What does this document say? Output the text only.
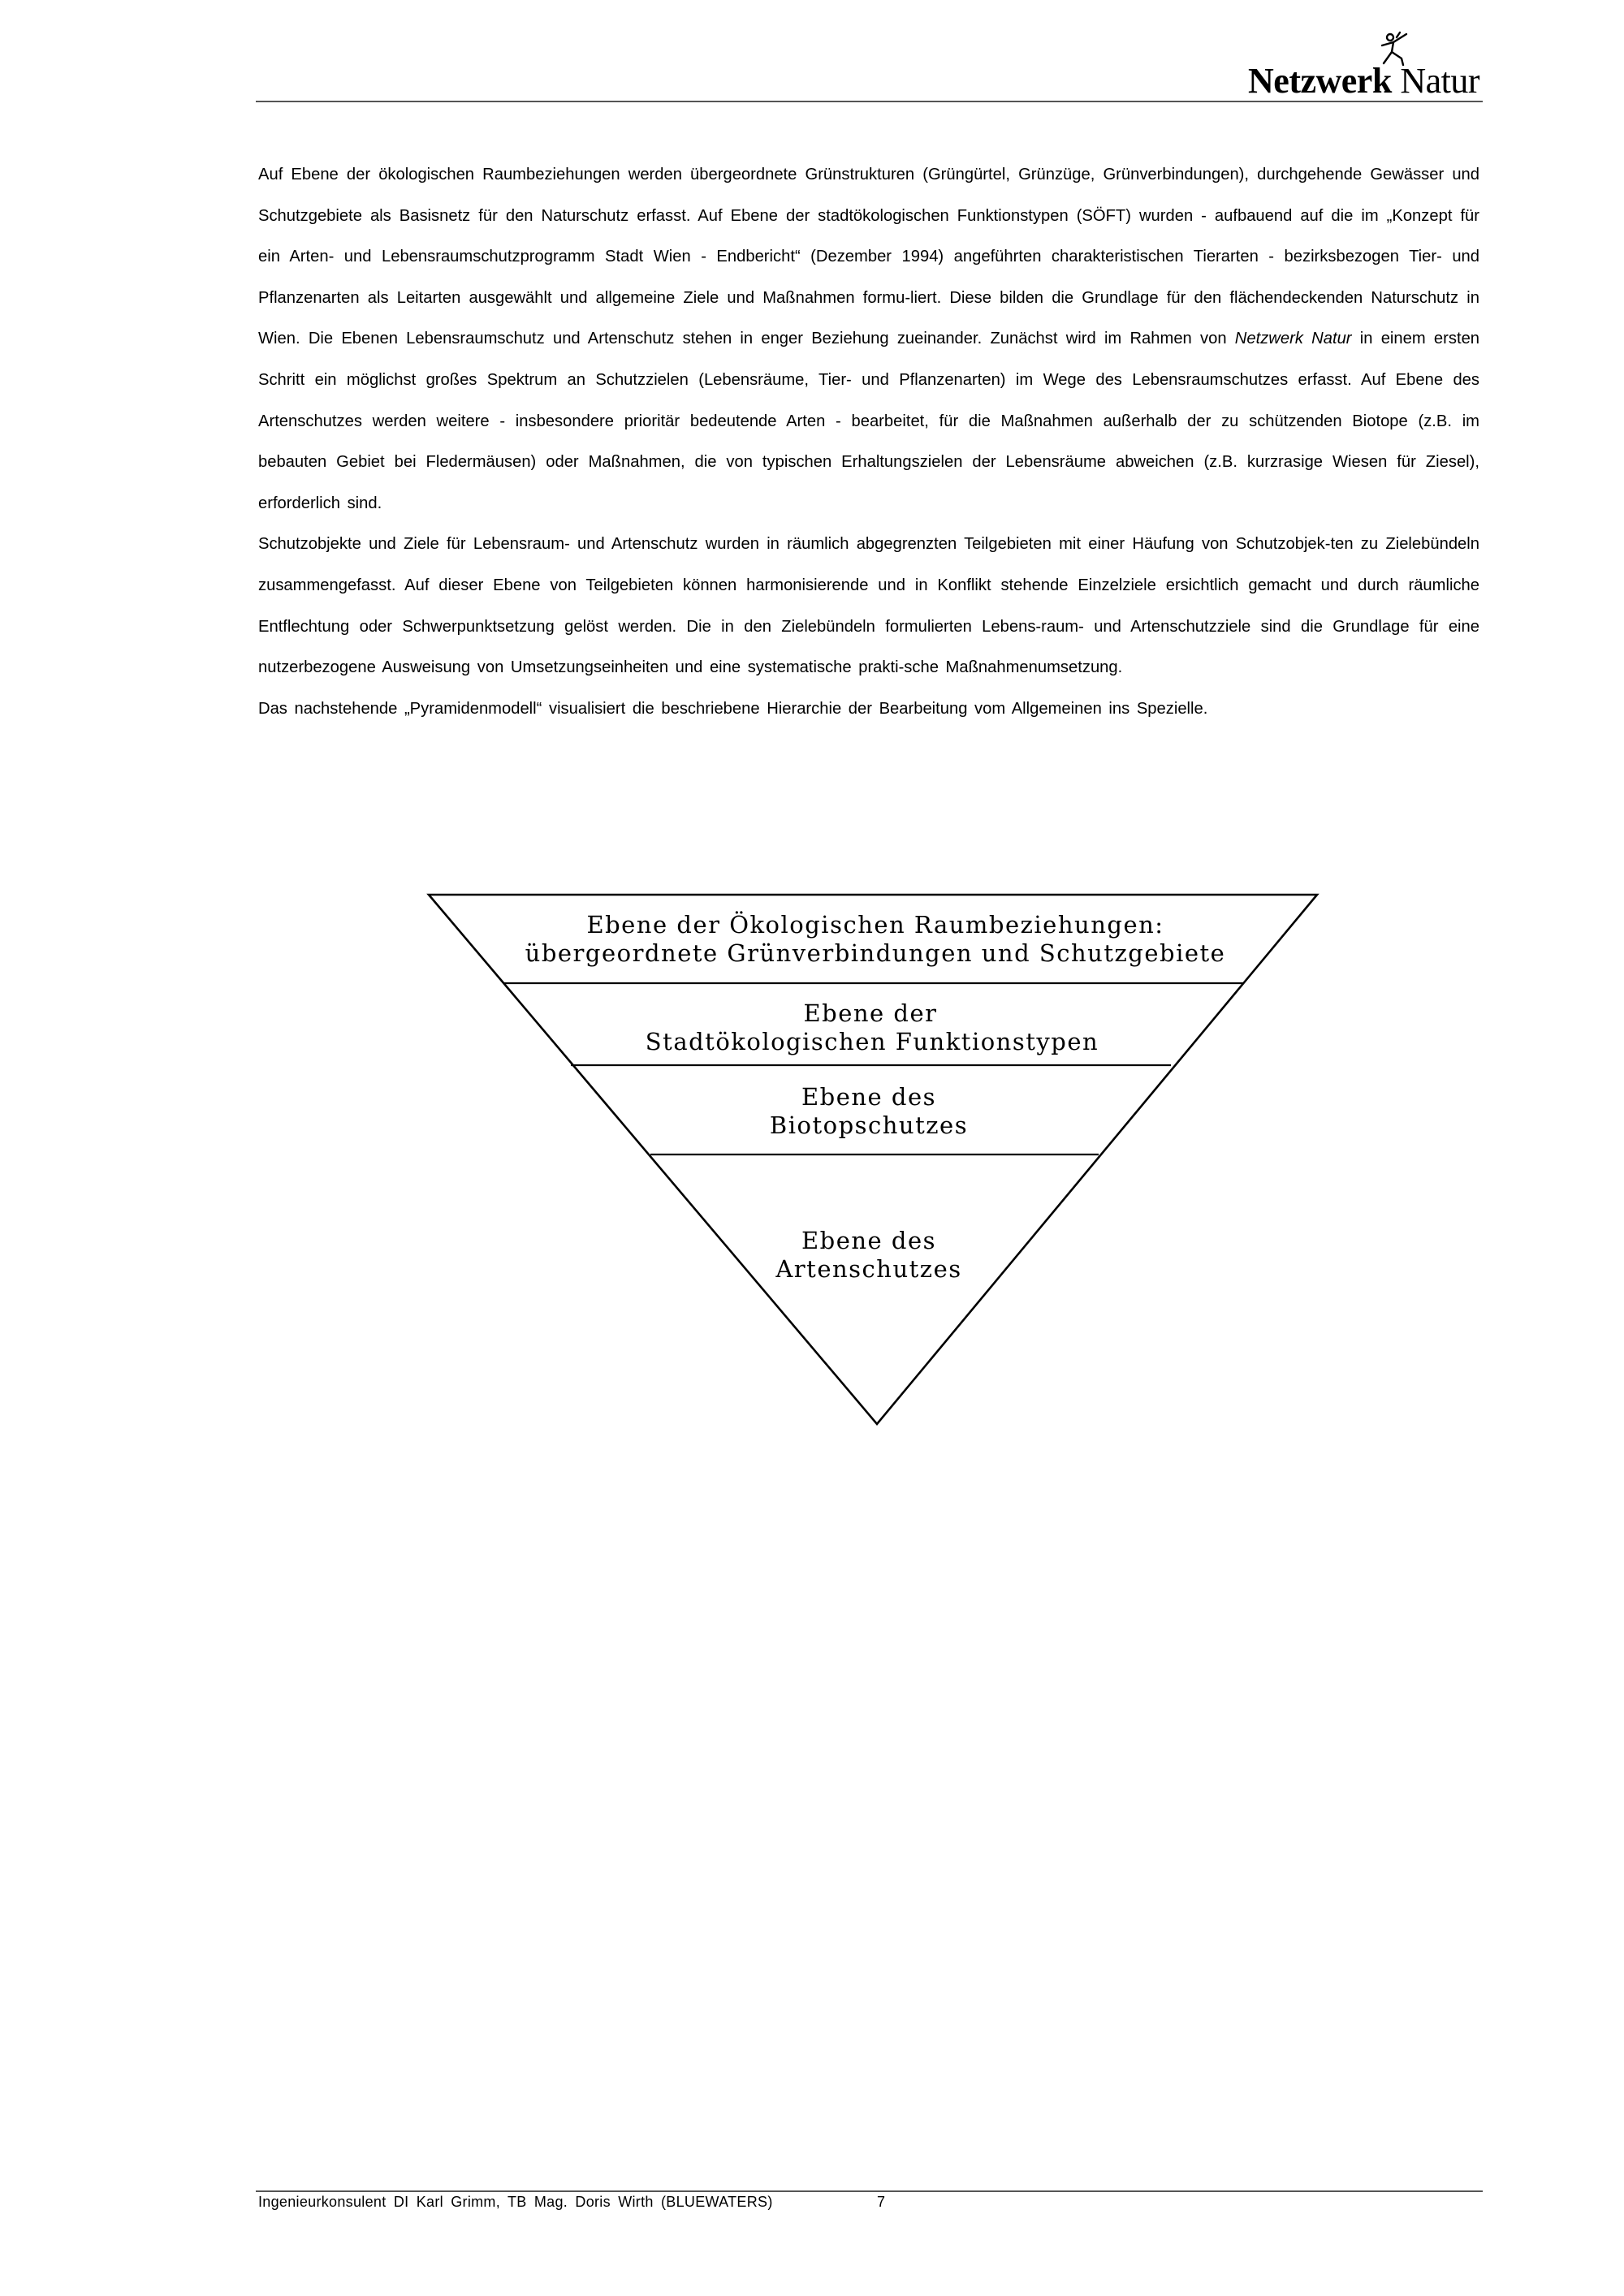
Netzwerk Natur

Auf Ebene der ökologischen Raumbeziehungen werden übergeordnete Grünstrukturen (Grüngürtel, Grünzüge, Grünverbindungen), durchgehende Gewässer und Schutzgebiete als Basisnetz für den Naturschutz erfasst. Auf Ebene der stadtökologischen Funktionstypen (SÖFT) wurden - aufbauend auf die im „Konzept für ein Arten- und Lebensraumschutzprogramm Stadt Wien - Endbericht“ (Dezember 1994) angeführten charakteristischen Tierarten - bezirksbezogen Tier- und Pflanzenarten als Leitarten ausgewählt und allgemeine Ziele und Maßnahmen formu-liert. Diese bilden die Grundlage für den flächendeckenden Naturschutz in Wien. Die Ebenen Lebensraumschutz und Artenschutz stehen in enger Beziehung zueinander. Zunächst wird im Rahmen von Netzwerk Natur in einem ersten Schritt ein möglichst großes Spektrum an Schutzzielen (Lebensräume, Tier- und Pflanzenarten) im Wege des Lebensraumschutzes erfasst. Auf Ebene des Artenschutzes werden weitere - insbesondere prioritär bedeutende Arten - bearbeitet, für die Maßnahmen außerhalb der zu schützenden Biotope (z.B. im bebauten Gebiet bei Fledermäusen) oder Maßnahmen, die von typischen Erhaltungszielen der Lebensräume abweichen (z.B. kurzrasige Wiesen für Ziesel), erforderlich sind.

Schutzobjekte und Ziele für Lebensraum- und Artenschutz wurden in räumlich abgegrenzten Teilgebieten mit einer Häufung von Schutzobjek-ten zu Zielebündeln zusammengefasst. Auf dieser Ebene von Teilgebieten können harmonisierende und in Konflikt stehende Einzelziele ersichtlich gemacht und durch räumliche Entflechtung oder Schwerpunktsetzung gelöst werden. Die in den Zielebündeln formulierten Lebens-raum- und Artenschutzziele sind die Grundlage für eine nutzerbezogene Ausweisung von Umsetzungseinheiten und eine systematische prakti-sche Maßnahmenumsetzung.

Das nachstehende „Pyramidenmodell“ visualisiert die beschriebene Hierarchie der Bearbeitung vom Allgemeinen ins Spezielle.

Ebene der Ökologischen Raumbeziehungen:
übergeordnete Grünverbindungen und Schutzgebiete
Ebene der
Stadtökologischen Funktionstypen
Ebene des
Biotopschutzes
Ebene des
Artenschutzes
Ingenieurkonsulent DI Karl Grimm, TB Mag. Doris Wirth (BLUEWATERS)	7
